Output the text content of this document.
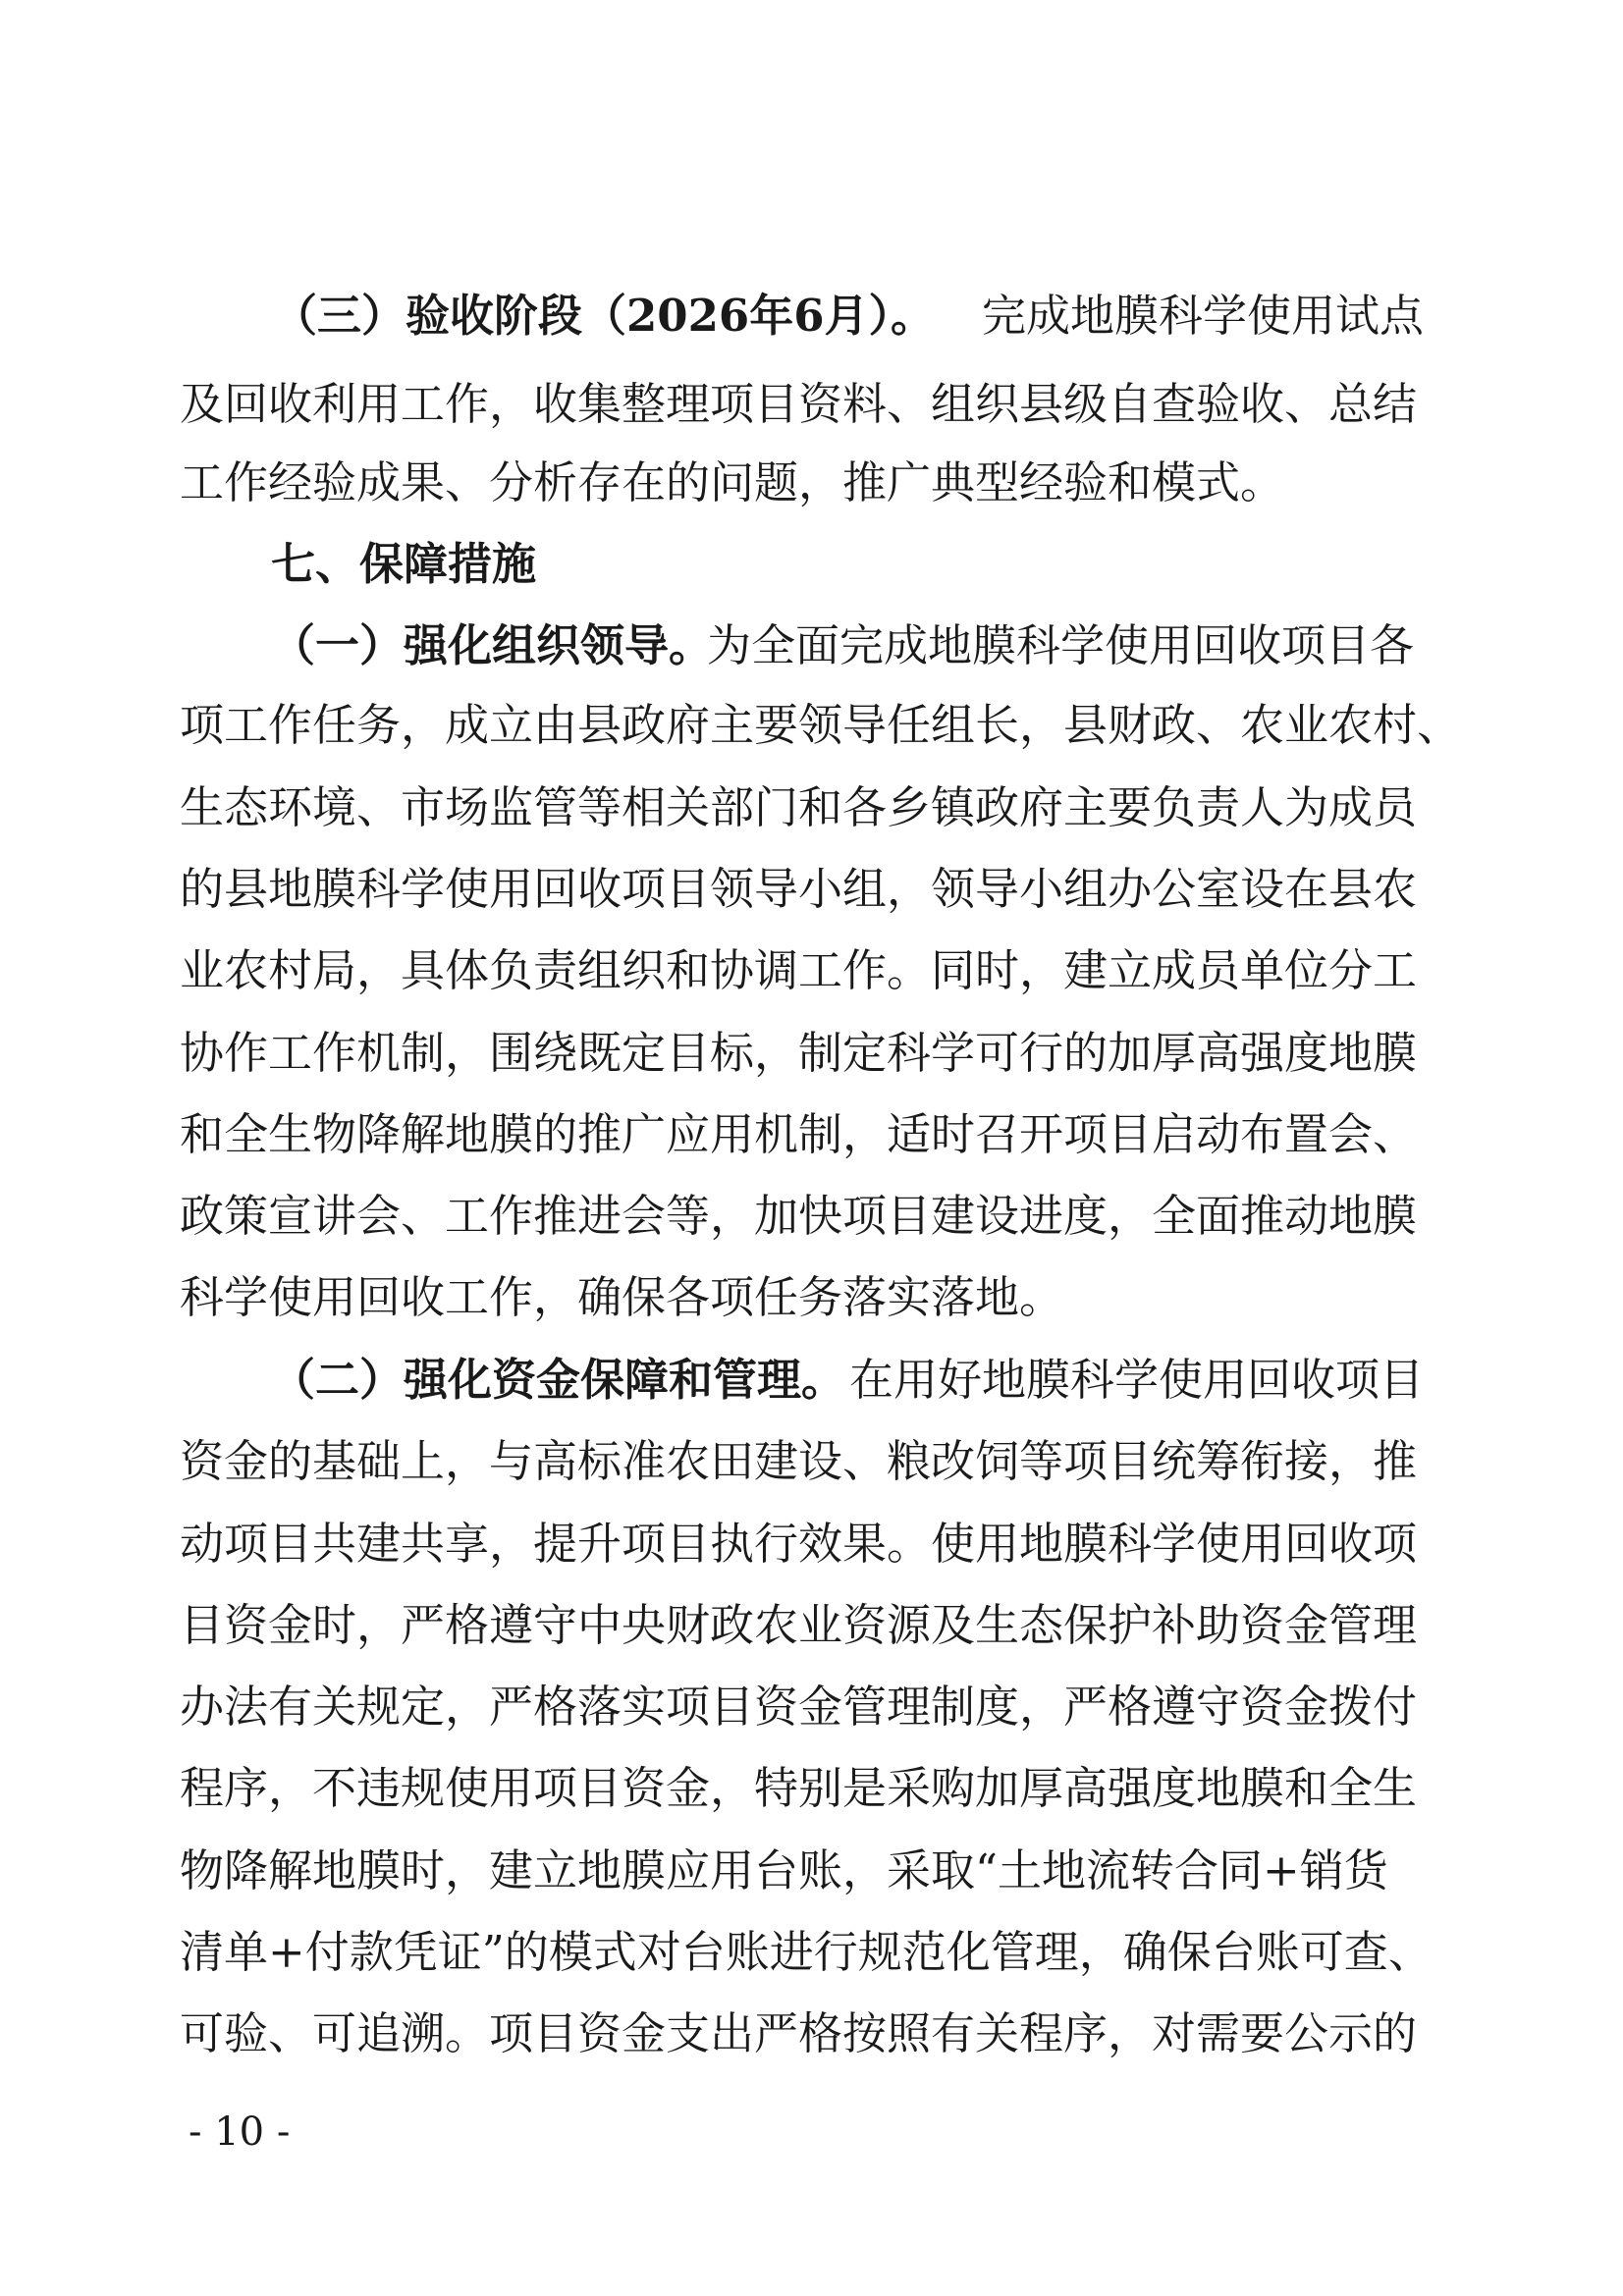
（三）验收阶段（2026年6月）。 完成地膜科学使用试点
及回收利用工作，收集整理项目资料、组织县级自查验收、总结
工作经验成果、分析存在的问题，推广典型经验和模式。
七、保障措施
（一）强化组织领导。
为全面完成地膜科学使用回收项目各
项工作任务，成立由县政府主要领导任组长，县财政、农业农村、
生态环境、市场监管等相关部门和各乡镇政府主要负责人为成员
的县地膜科学使用回收项目领导小组，领导小组办公室设在县农
业农村局，具体负责组织和协调工作。同时，建立成员单位分工
协作工作机制，围绕既定目标，制定科学可行的加厚高强度地膜
和全生物降解地膜的推广应用机制，适时召开项目启动布置会、
政策宣讲会、工作推进会等，加快项目建设进度，全面推动地膜
科学使用回收工作，确保各项任务落实落地。
（二）强化资金保障和管理。 在用好地膜科学使用回收项目
资金的基础上，与高标准农田建设、粮改饲等项目统筹衔接，推
动项目共建共享，提升项目执行效果。使用地膜科学使用回收项
目资金时，严格遵守中央财政农业资源及生态保护补助资金管理
办法有关规定，严格落实项目资金管理制度，严格遵守资金拨付
程序，不违规使用项目资金，特别是采购加厚高强度地膜和全生
物降解地膜时，建立地膜应用台账，采取“土地流转合同+销货
清单+付款凭证”的模式对台账进行规范化管理，确保台账可查、
可验、可追溯。项目资金支出严格按照有关程序，对需要公示的
- 10 -
